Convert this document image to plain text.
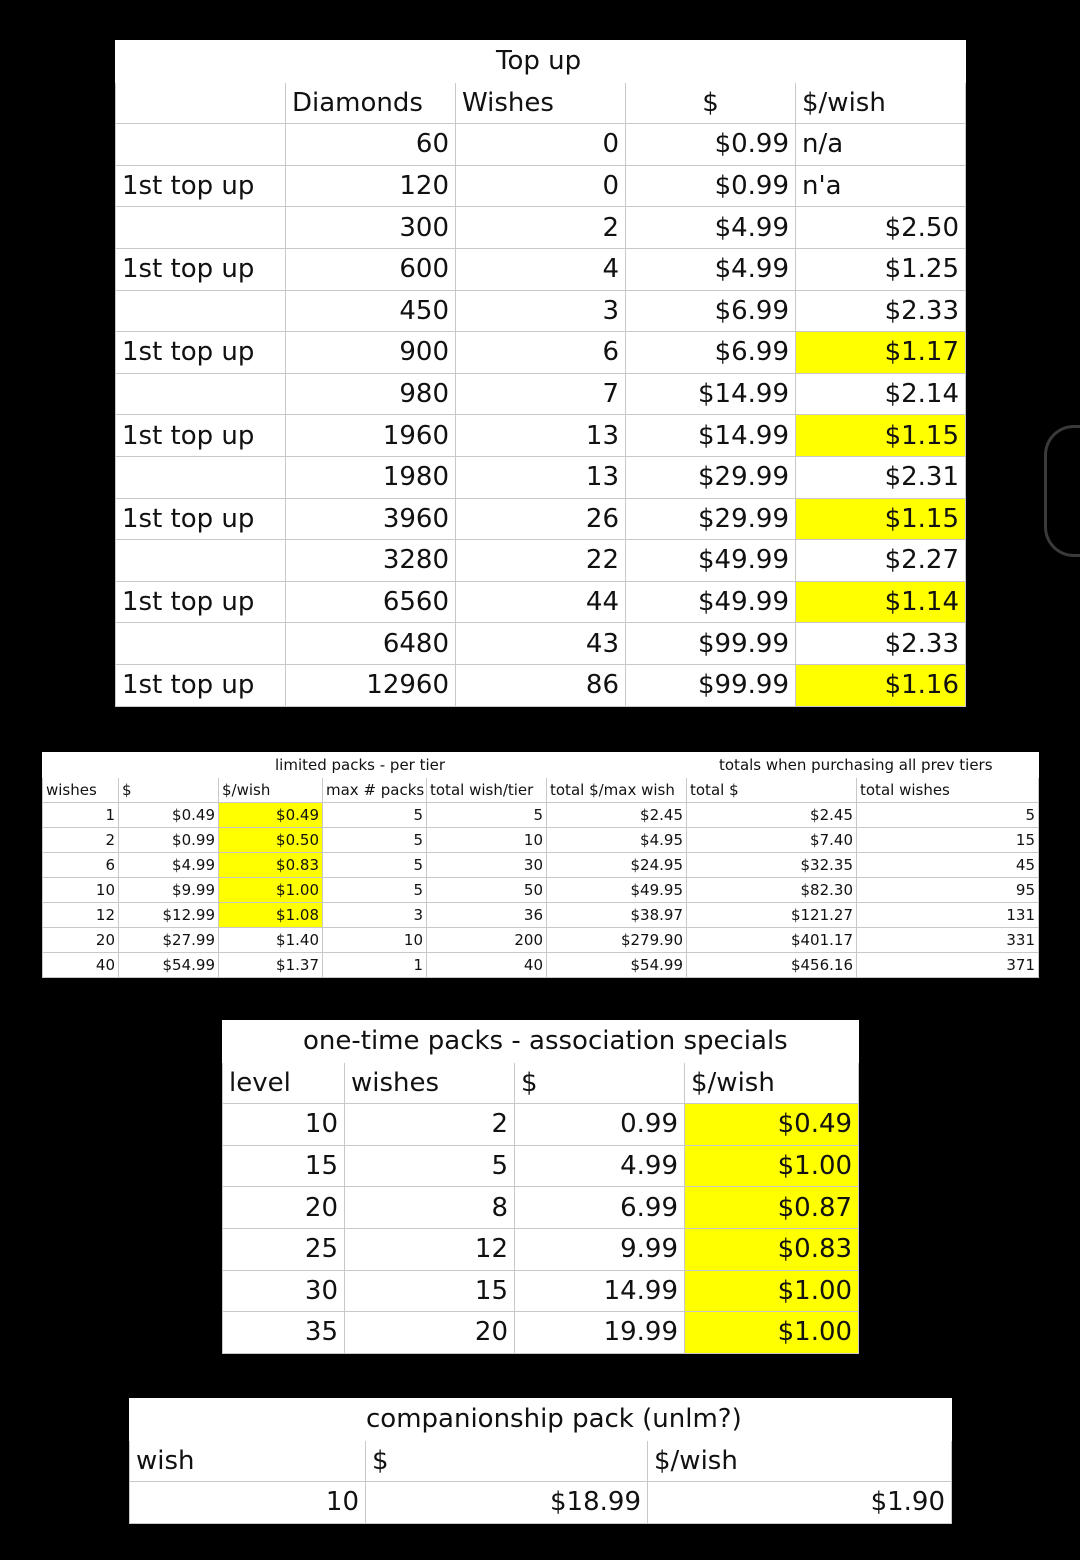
		Top up		
	Diamonds	Wishes	$	$/wish
	60	0	$0.99	n/a
1st top up	120	0	$0.99	n'a
	300	2	$4.99	$2.50
1st top up	600	4	$4.99	$1.25
	450	3	$6.99	$2.33
1st top up	900	6	$6.99	$1.17
	980	7	$14.99	$2.14
1st top up	1960	13	$14.99	$1.15
	1980	13	$29.99	$2.31
1st top up	3960	26	$29.99	$1.15
	3280	22	$49.99	$2.27
1st top up	6560	44	$49.99	$1.14
	6480	43	$99.99	$2.33
1st top up	12960	86	$99.99	$1.16
		limited packs - per tier				totals when purchasing all prev tiers	
wishes	$	$/wish	max # packs	total wish/tier	total $/max wish	total $	total wishes
1	$0.49	$0.49	5	5	$2.45	$2.45	5
2	$0.99	$0.50	5	10	$4.95	$7.40	15
6	$4.99	$0.83	5	30	$24.95	$32.35	45
10	$9.99	$1.00	5	50	$49.95	$82.30	95
12	$12.99	$1.08	3	36	$38.97	$121.27	131
20	$27.99	$1.40	10	200	$279.90	$401.17	331
40	$54.99	$1.37	1	40	$54.99	$456.16	371
one-time packs - association specials			
level	wishes	$	$/wish
10	2	0.99	$0.49
15	5	4.99	$1.00
20	8	6.99	$0.87
25	12	9.99	$0.83
30	15	14.99	$1.00
35	20	19.99	$1.00
	companionship pack (unlm?)	
wish	$	$/wish
10	$18.99	$1.90
